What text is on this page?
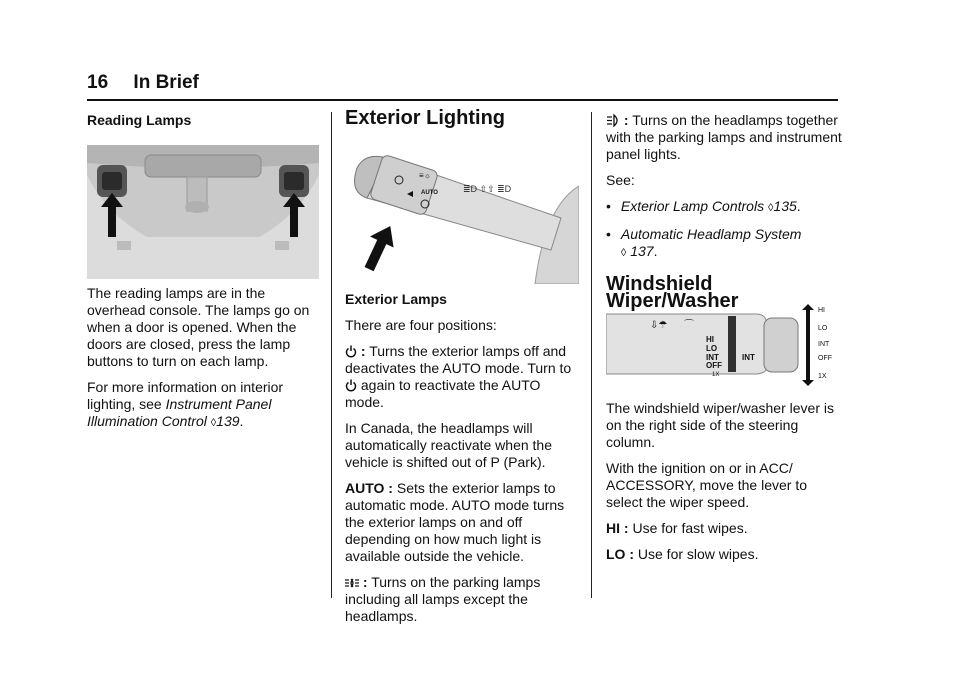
16 In Brief

Reading Lamps

The reading lamps are in the overhead console. The lamps go on when a door is opened. When the doors are closed, press the lamp buttons to turn on each lamp.

For more information on interior lighting, see Instrument Panel Illumination Control ◊139.

Exterior Lighting
≡☼
AUTO	≣D ⇧⇧ ≣D

Exterior Lamps

There are four positions:

: Turns the exterior lamps off and deactivates the AUTO mode. Turn to  again to reactivate the AUTO mode.

In Canada, the headlamps will automatically reactivate when the vehicle is shifted out of P (Park).

AUTO : Sets the exterior lamps to automatic mode. AUTO mode turns the exterior lamps on and off depending on how much light is available outside the vehicle.

: Turns on the parking lamps including all lamps except the headlamps.

: Turns on the headlamps together with the parking lamps and instrument panel lights.

See:

• Exterior Lamp Controls ◊135.
• Automatic Headlamp System
◊ 137.
Windshield Wiper/Washer
⇩☂ ⌒
HI
LO
INT
OFF
1X
INT
HI
LO
INT
OFF
1X

The windshield wiper/washer lever is on the right side of the steering column.

With the ignition on or in ACC/ ACCESSORY, move the lever to select the wiper speed.

HI : Use for fast wipes.

LO : Use for slow wipes.
